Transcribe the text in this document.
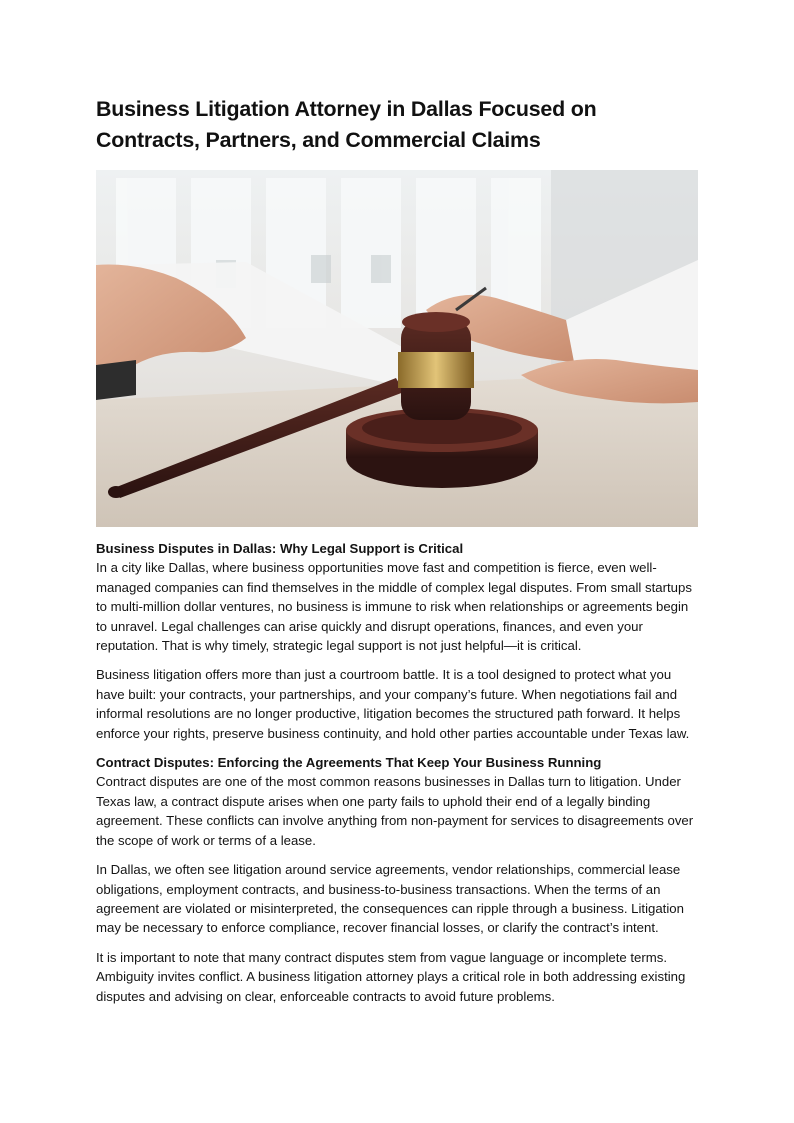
Business Litigation Attorney in Dallas Focused on Contracts, Partners, and Commercial Claims
Business Disputes in Dallas: Why Legal Support is Critical

In a city like Dallas, where business opportunities move fast and competition is fierce, even well-managed companies can find themselves in the middle of complex legal disputes. From small startups to multi-million dollar ventures, no business is immune to risk when relationships or agreements begin to unravel. Legal challenges can arise quickly and disrupt operations, finances, and even your reputation. That is why timely, strategic legal support is not just helpful—it is critical.

Business litigation offers more than just a courtroom battle. It is a tool designed to protect what you have built: your contracts, your partnerships, and your company’s future. When negotiations fail and informal resolutions are no longer productive, litigation becomes the structured path forward. It helps enforce your rights, preserve business continuity, and hold other parties accountable under Texas law.

Contract Disputes: Enforcing the Agreements That Keep Your Business Running

Contract disputes are one of the most common reasons businesses in Dallas turn to litigation. Under Texas law, a contract dispute arises when one party fails to uphold their end of a legally binding agreement. These conflicts can involve anything from non-payment for services to disagreements over the scope of work or terms of a lease.

In Dallas, we often see litigation around service agreements, vendor relationships, commercial lease obligations, employment contracts, and business-to-business transactions. When the terms of an agreement are violated or misinterpreted, the consequences can ripple through a business. Litigation may be necessary to enforce compliance, recover financial losses, or clarify the contract’s intent.

It is important to note that many contract disputes stem from vague language or incomplete terms. Ambiguity invites conflict. A business litigation attorney plays a critical role in both addressing existing disputes and advising on clear, enforceable contracts to avoid future problems.
